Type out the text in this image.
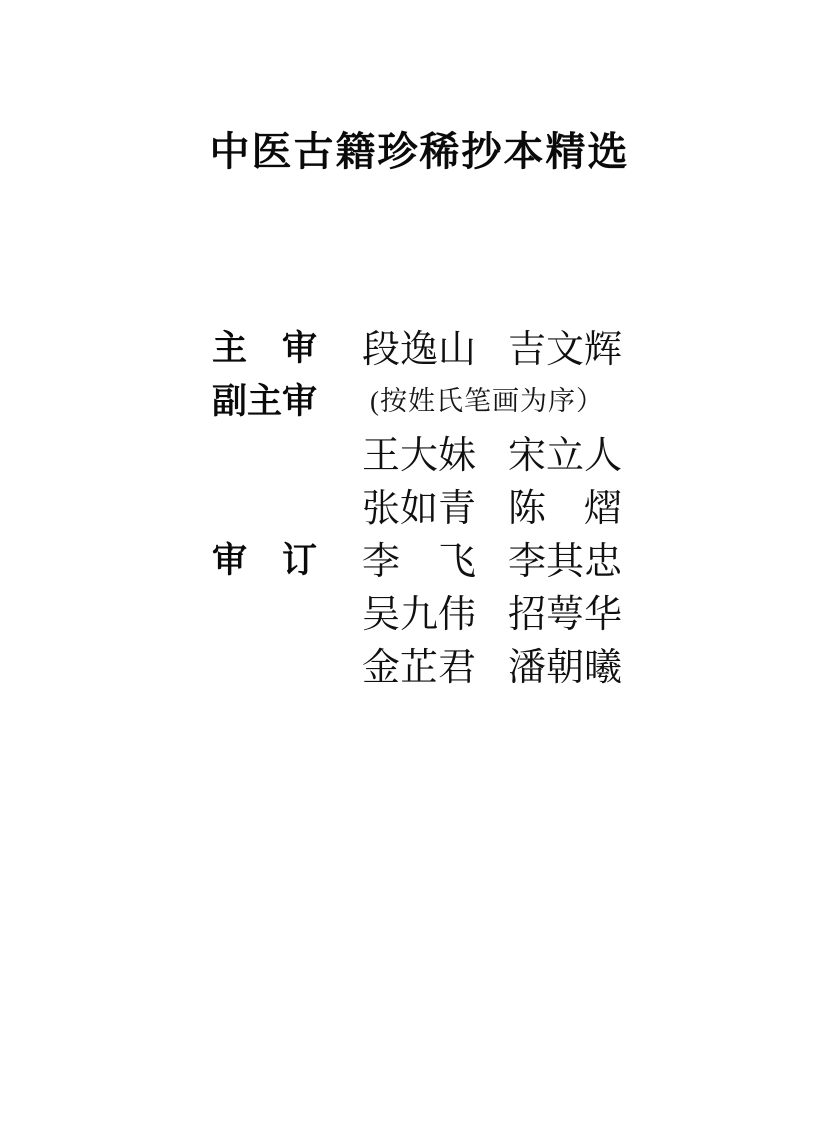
中医古籍珍稀抄本精选
主　审 段逸山 吉文辉
副主审 (按姓氏笔画为序）
王大妹 宋立人
张如青 陈　熠
审　订 李　飞 李其忠
吴九伟 招萼华
金芷君 潘朝曦
